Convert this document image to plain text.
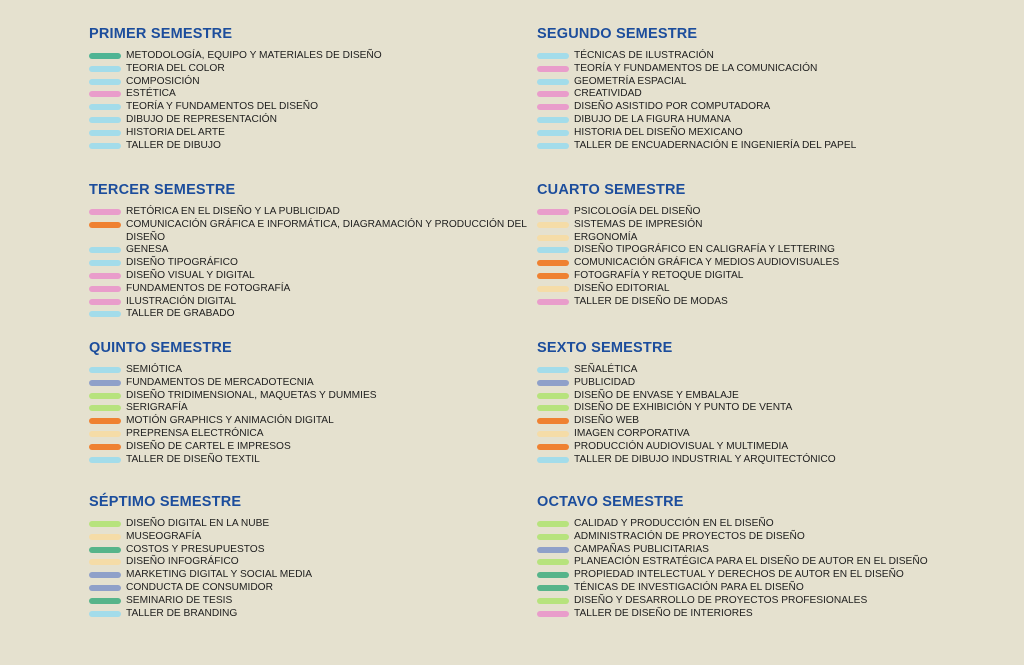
PRIMER SEMESTRE
METODOLOGÍA, EQUIPO Y MATERIALES DE DISEÑO
TEORIA DEL COLOR
COMPOSICIÓN
ESTÉTICA
TEORÍA Y FUNDAMENTOS DEL DISEÑO
DIBUJO DE REPRESENTACIÓN
HISTORIA DEL ARTE
TALLER DE DIBUJO
SEGUNDO SEMESTRE
TÉCNICAS DE ILUSTRACIÓN
TEORÍA Y FUNDAMENTOS DE LA COMUNICACIÓN
GEOMETRÍA ESPACIAL
CREATIVIDAD
DISEÑO ASISTIDO POR COMPUTADORA
DIBUJO DE LA FIGURA HUMANA
HISTORIA DEL DISEÑO MEXICANO
TALLER DE ENCUADERNACIÓN E INGENIERÍA DEL PAPEL
TERCER SEMESTRE
RETÓRICA EN EL DISEÑO Y LA PUBLICIDAD
COMUNICACIÓN GRÁFICA E INFORMÁTICA, DIAGRAMACIÓN Y PRODUCCIÓN DEL DISEÑO
GENESA
DISEÑO TIPOGRÁFICO
DISEÑO VISUAL Y DIGITAL
FUNDAMENTOS DE FOTOGRAFÍA
ILUSTRACIÓN DIGITAL
TALLER DE GRABADO
CUARTO SEMESTRE
PSICOLOGÍA DEL DISEÑO
SISTEMAS DE IMPRESIÓN
ERGONOMÍA
DISEÑO TIPOGRÁFICO EN CALIGRAFÍA Y LETTERING
COMUNICACIÓN GRÁFICA Y MEDIOS AUDIOVISUALES
FOTOGRAFÍA Y RETOQUE DIGITAL
DISEÑO EDITORIAL
TALLER DE DISEÑO DE MODAS
QUINTO SEMESTRE
SEMIÓTICA
FUNDAMENTOS DE MERCADOTECNIA
DISEÑO TRIDIMENSIONAL, MAQUETAS Y DUMMIES
SERIGRAFÍA
MOTIÓN GRAPHICS Y ANIMACIÓN DIGITAL
PREPRENSA ELECTRÓNICA
DISEÑO DE CARTEL E IMPRESOS
TALLER DE DISEÑO TEXTIL
SEXTO SEMESTRE
SEÑALÉTICA
PUBLICIDAD
DISEÑO DE ENVASE Y EMBALAJE
DISEÑO DE EXHIBICIÓN Y PUNTO DE VENTA
DISEÑO WEB
IMAGEN CORPORATIVA
PRODUCCIÓN AUDIOVISUAL Y MULTIMEDIA
TALLER DE DIBUJO INDUSTRIAL Y ARQUITECTÓNICO
SÉPTIMO SEMESTRE
DISEÑO DIGITAL EN LA NUBE
MUSEOGRAFÍA
COSTOS Y PRESUPUESTOS
DISEÑO INFOGRÁFICO
MARKETING DIGITAL Y SOCIAL MEDIA
CONDUCTA DE CONSUMIDOR
SEMINARIO DE TESIS
TALLER DE BRANDING
OCTAVO SEMESTRE
CALIDAD Y PRODUCCIÓN EN EL DISEÑO
ADMINISTRACIÓN DE PROYECTOS DE DISEÑO
CAMPAÑAS PUBLICITARIAS
PLANEACIÓN ESTRATÉGICA PARA EL DISEÑO DE AUTOR EN EL DISEÑO
PROPIEDAD INTELECTUAL Y DERECHOS DE AUTOR EN EL DISEÑO
TÉNICAS DE INVESTIGACIÓN PARA EL DISEÑO
DISEÑO Y DESARROLLO DE PROYECTOS PROFESIONALES
TALLER DE DISEÑO DE INTERIORES
